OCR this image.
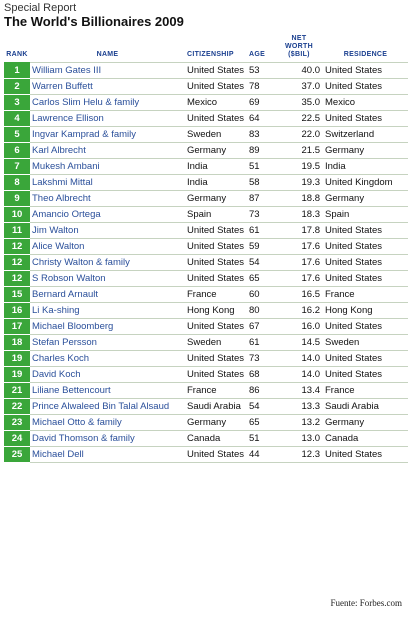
Special Report
The World's Billionaires 2009
RANK	NAME	CITIZENSHIP	AGE	NET WORTH ($BIL)	RESIDENCE
1	William Gates III	United States	53	40.0	United States
2	Warren Buffett	United States	78	37.0	United States
3	Carlos Slim Helu & family	Mexico	69	35.0	Mexico
4	Lawrence Ellison	United States	64	22.5	United States
5	Ingvar Kamprad & family	Sweden	83	22.0	Switzerland
6	Karl Albrecht	Germany	89	21.5	Germany
7	Mukesh Ambani	India	51	19.5	India
8	Lakshmi Mittal	India	58	19.3	United Kingdom
9	Theo Albrecht	Germany	87	18.8	Germany
10	Amancio Ortega	Spain	73	18.3	Spain
11	Jim Walton	United States	61	17.8	United States
12	Alice Walton	United States	59	17.6	United States
12	Christy Walton & family	United States	54	17.6	United States
12	S Robson Walton	United States	65	17.6	United States
15	Bernard Arnault	France	60	16.5	France
16	Li Ka-shing	Hong Kong	80	16.2	Hong Kong
17	Michael Bloomberg	United States	67	16.0	United States
18	Stefan Persson	Sweden	61	14.5	Sweden
19	Charles Koch	United States	73	14.0	United States
19	David Koch	United States	68	14.0	United States
21	Liliane Bettencourt	France	86	13.4	France
22	Prince Alwaleed Bin Talal Alsaud	Saudi Arabia	54	13.3	Saudi Arabia
23	Michael Otto & family	Germany	65	13.2	Germany
24	David Thomson & family	Canada	51	13.0	Canada
25	Michael Dell	United States	44	12.3	United States
Fuente: Forbes.com
